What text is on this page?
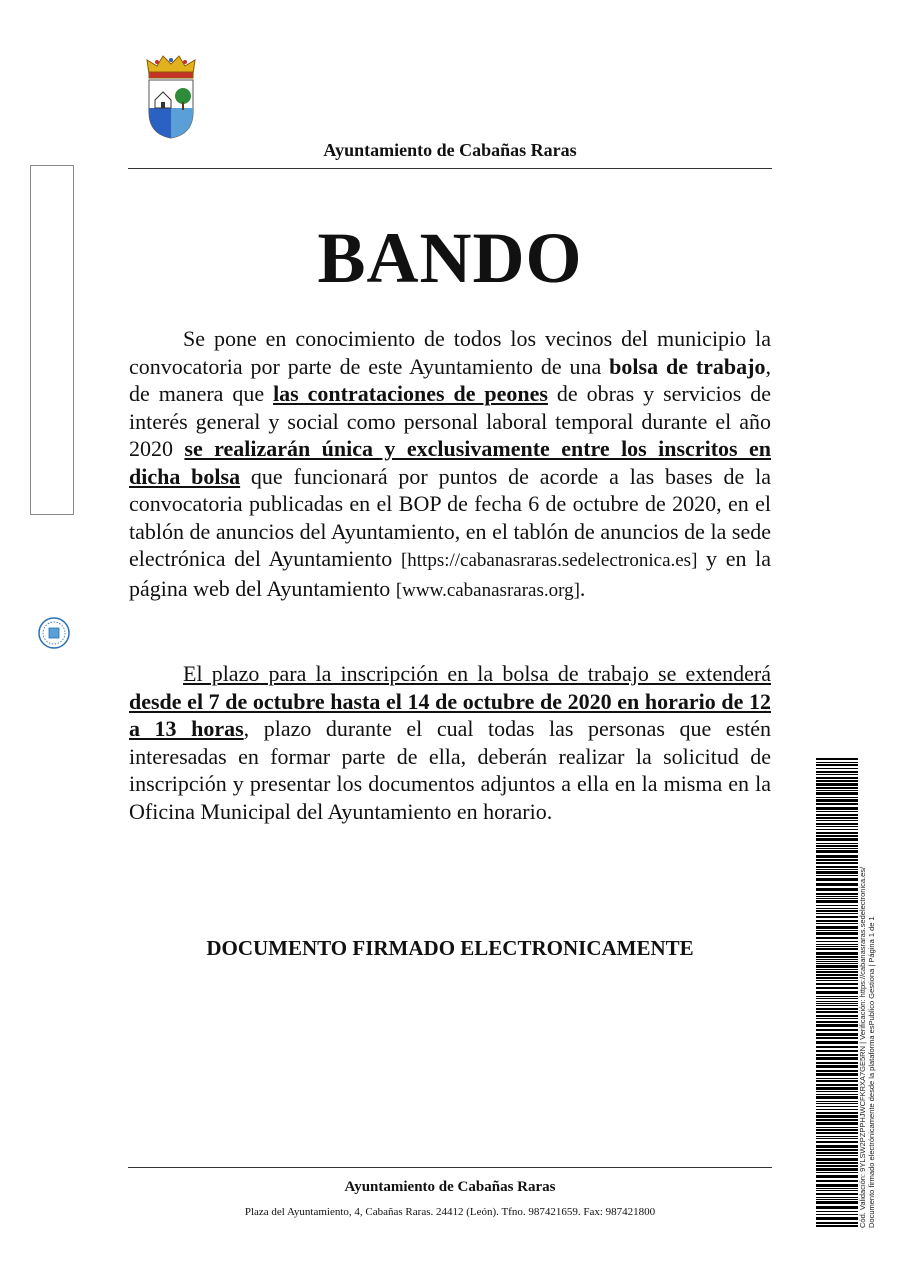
Ayuntamiento de Cabañas Raras
BANDO

Se pone en conocimiento de todos los vecinos del municipio la convocatoria por parte de este Ayuntamiento de una bolsa de trabajo, de manera que las contrataciones de peones de obras y servicios de interés general y social como personal laboral temporal durante el año 2020 se realizarán única y exclusivamente entre los inscritos en dicha bolsa que funcionará por puntos de acorde a las bases de la convocatoria publicadas en el BOP de fecha 6 de octubre de 2020, en el tablón de anuncios del Ayuntamiento, en el tablón de anuncios de la sede electrónica del Ayuntamiento [https://cabanasraras.sedelectronica.es] y en la página web del Ayuntamiento [www.cabanasraras.org].

El plazo para la inscripción en la bolsa de trabajo se extenderá desde el 7 de octubre hasta el 14 de octubre de 2020 en horario de 12 a 13 horas, plazo durante el cual todas las personas que estén interesadas en formar parte de ella, deberán realizar la solicitud de inscripción y presentar los documentos adjuntos a ella en la misma en la Oficina Municipal del Ayuntamiento en horario.

DOCUMENTO FIRMADO ELECTRONICAMENTE
Ayuntamiento de Cabañas Raras
Plaza del Ayuntamiento, 4, Cabañas Raras. 24412 (León). Tfno. 987421659. Fax: 987421800	Cód. Validación: 9YLSW2PZPPHJWCFKRXA7GE5RN | Verificación: https://cabanasraras.sedelectronica.es/ Documento firmado electrónicamente desde la plataforma esPublico Gestiona | Página 1 de 1
